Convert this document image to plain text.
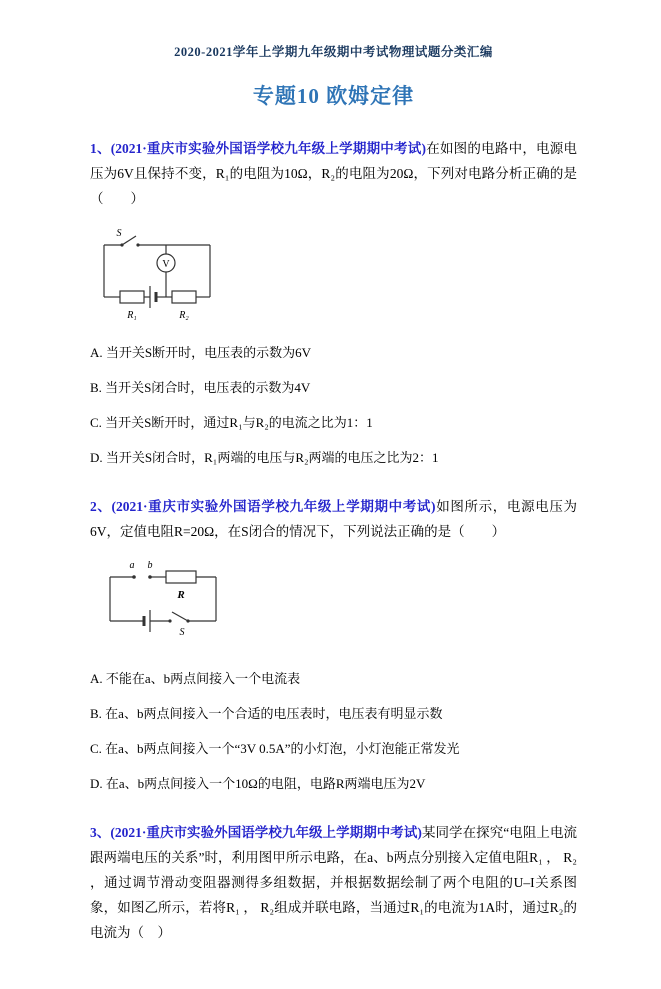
2020-2021学年上学期九年级期中考试物理试题分类汇编
专题10 欧姆定律

1、(2021·重庆市实验外国语学校九年级上学期期中考试)在如图的电路中，电源电压为6V且保持不变，R₁的电阻为10Ω，R₂的电阻为20Ω，下列对电路分析正确的是（　　）

S
V
R₁	R₂
A. 当开关S断开时，电压表的示数为6V
B. 当开关S闭合时，电压表的示数为4V
C. 当开关S断开时，通过R₁与R₂的电流之比为1：1
D. 当开关S闭合时，R₁两端的电压与R₂两端的电压之比为2：1

2、(2021·重庆市实验外国语学校九年级上学期期中考试)如图所示，电源电压为6V，定值电阻R=20Ω，在S闭合的情况下，下列说法正确的是（　　）

a b
R
S
A. 不能在a、b两点间接入一个电流表
B. 在a、b两点间接入一个合适的电压表时，电压表有明显示数
C. 在a、b两点间接入一个“3V 0.5A”的小灯泡，小灯泡能正常发光
D. 在a、b两点间接入一个10Ω的电阻，电路R两端电压为2V

3、(2021·重庆市实验外国语学校九年级上学期期中考试)某同学在探究“电阻上电流跟两端电压的关系”时，利用图甲所示电路，在a、b两点分别接入定值电阻R₁ ， R₂ ，通过调节滑动变阻器测得多组数据，并根据数据绘制了两个电阻的U–I关系图象，如图乙所示，若将R₁ ， R₂组成并联电路，当通过R₁的电流为1A时，通过R₂的电流为（　）
